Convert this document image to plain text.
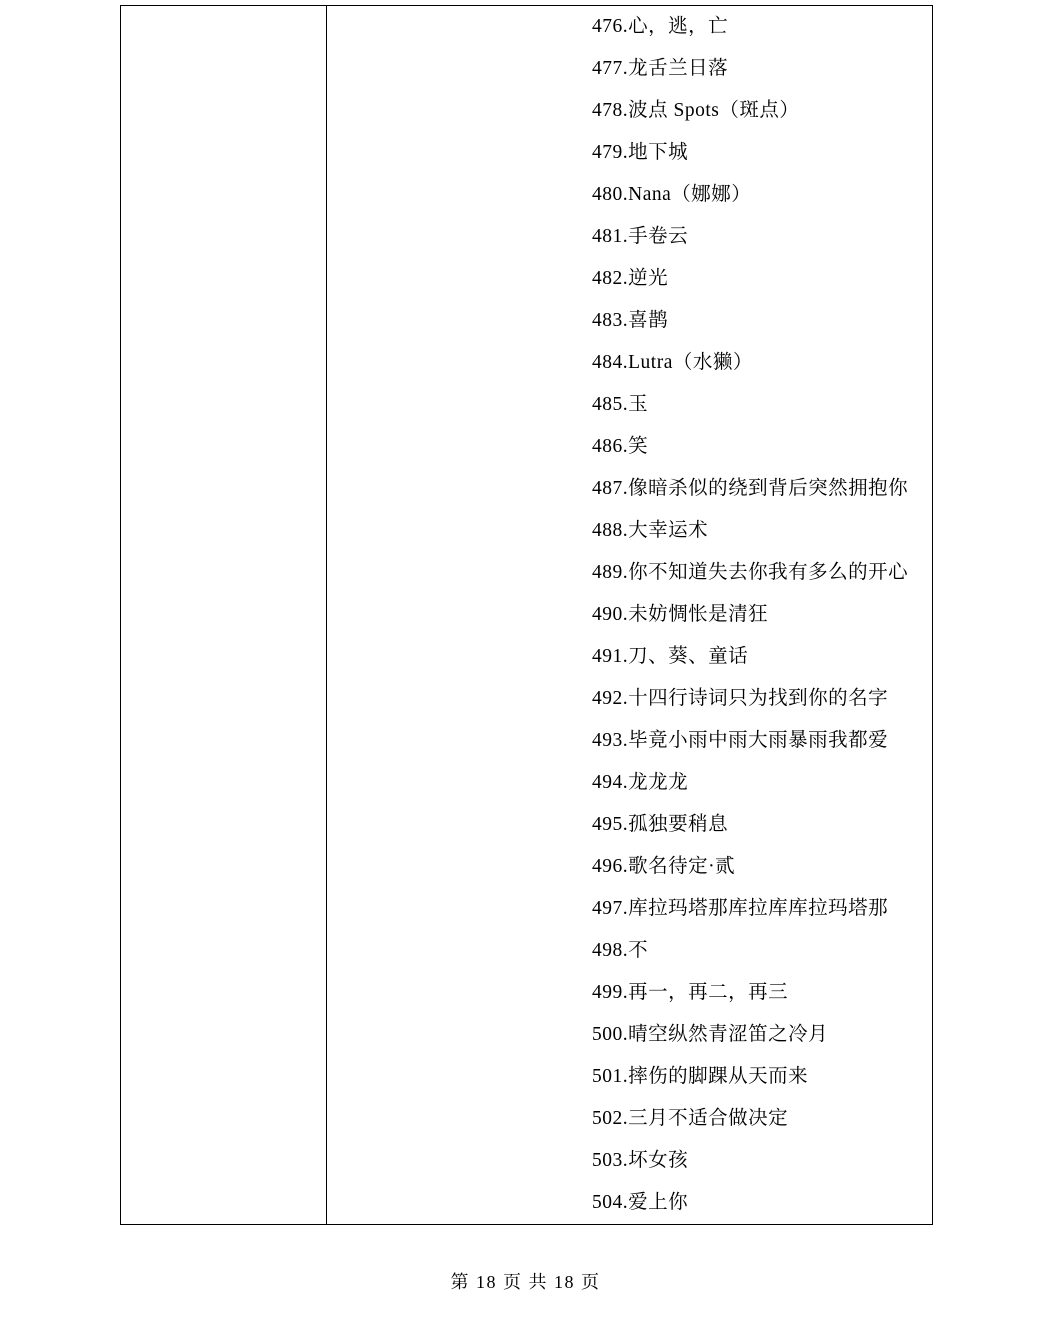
476.心，逃，亡
477.龙舌兰日落
478.波点 Spots（斑点）
479.地下城
480.Nana（娜娜）
481.手卷云
482.逆光
483.喜鹊
484.Lutra（水獭）
485.玉
486.笑
487.像暗杀似的绕到背后突然拥抱你
488.大幸运术
489.你不知道失去你我有多么的开心
490.未妨惆怅是清狂
491.刀、葵、童话
492.十四行诗词只为找到你的名字
493.毕竟小雨中雨大雨暴雨我都爱
494.龙龙龙
495.孤独要稍息
496.歌名待定·贰
497.库拉玛塔那库拉库库拉玛塔那
498.不
499.再一，再二，再三
500.晴空纵然青涩笛之冷月
501.摔伤的脚踝从天而来
502.三月不适合做决定
503.坏女孩
504.爱上你
第 18 页 共 18 页
